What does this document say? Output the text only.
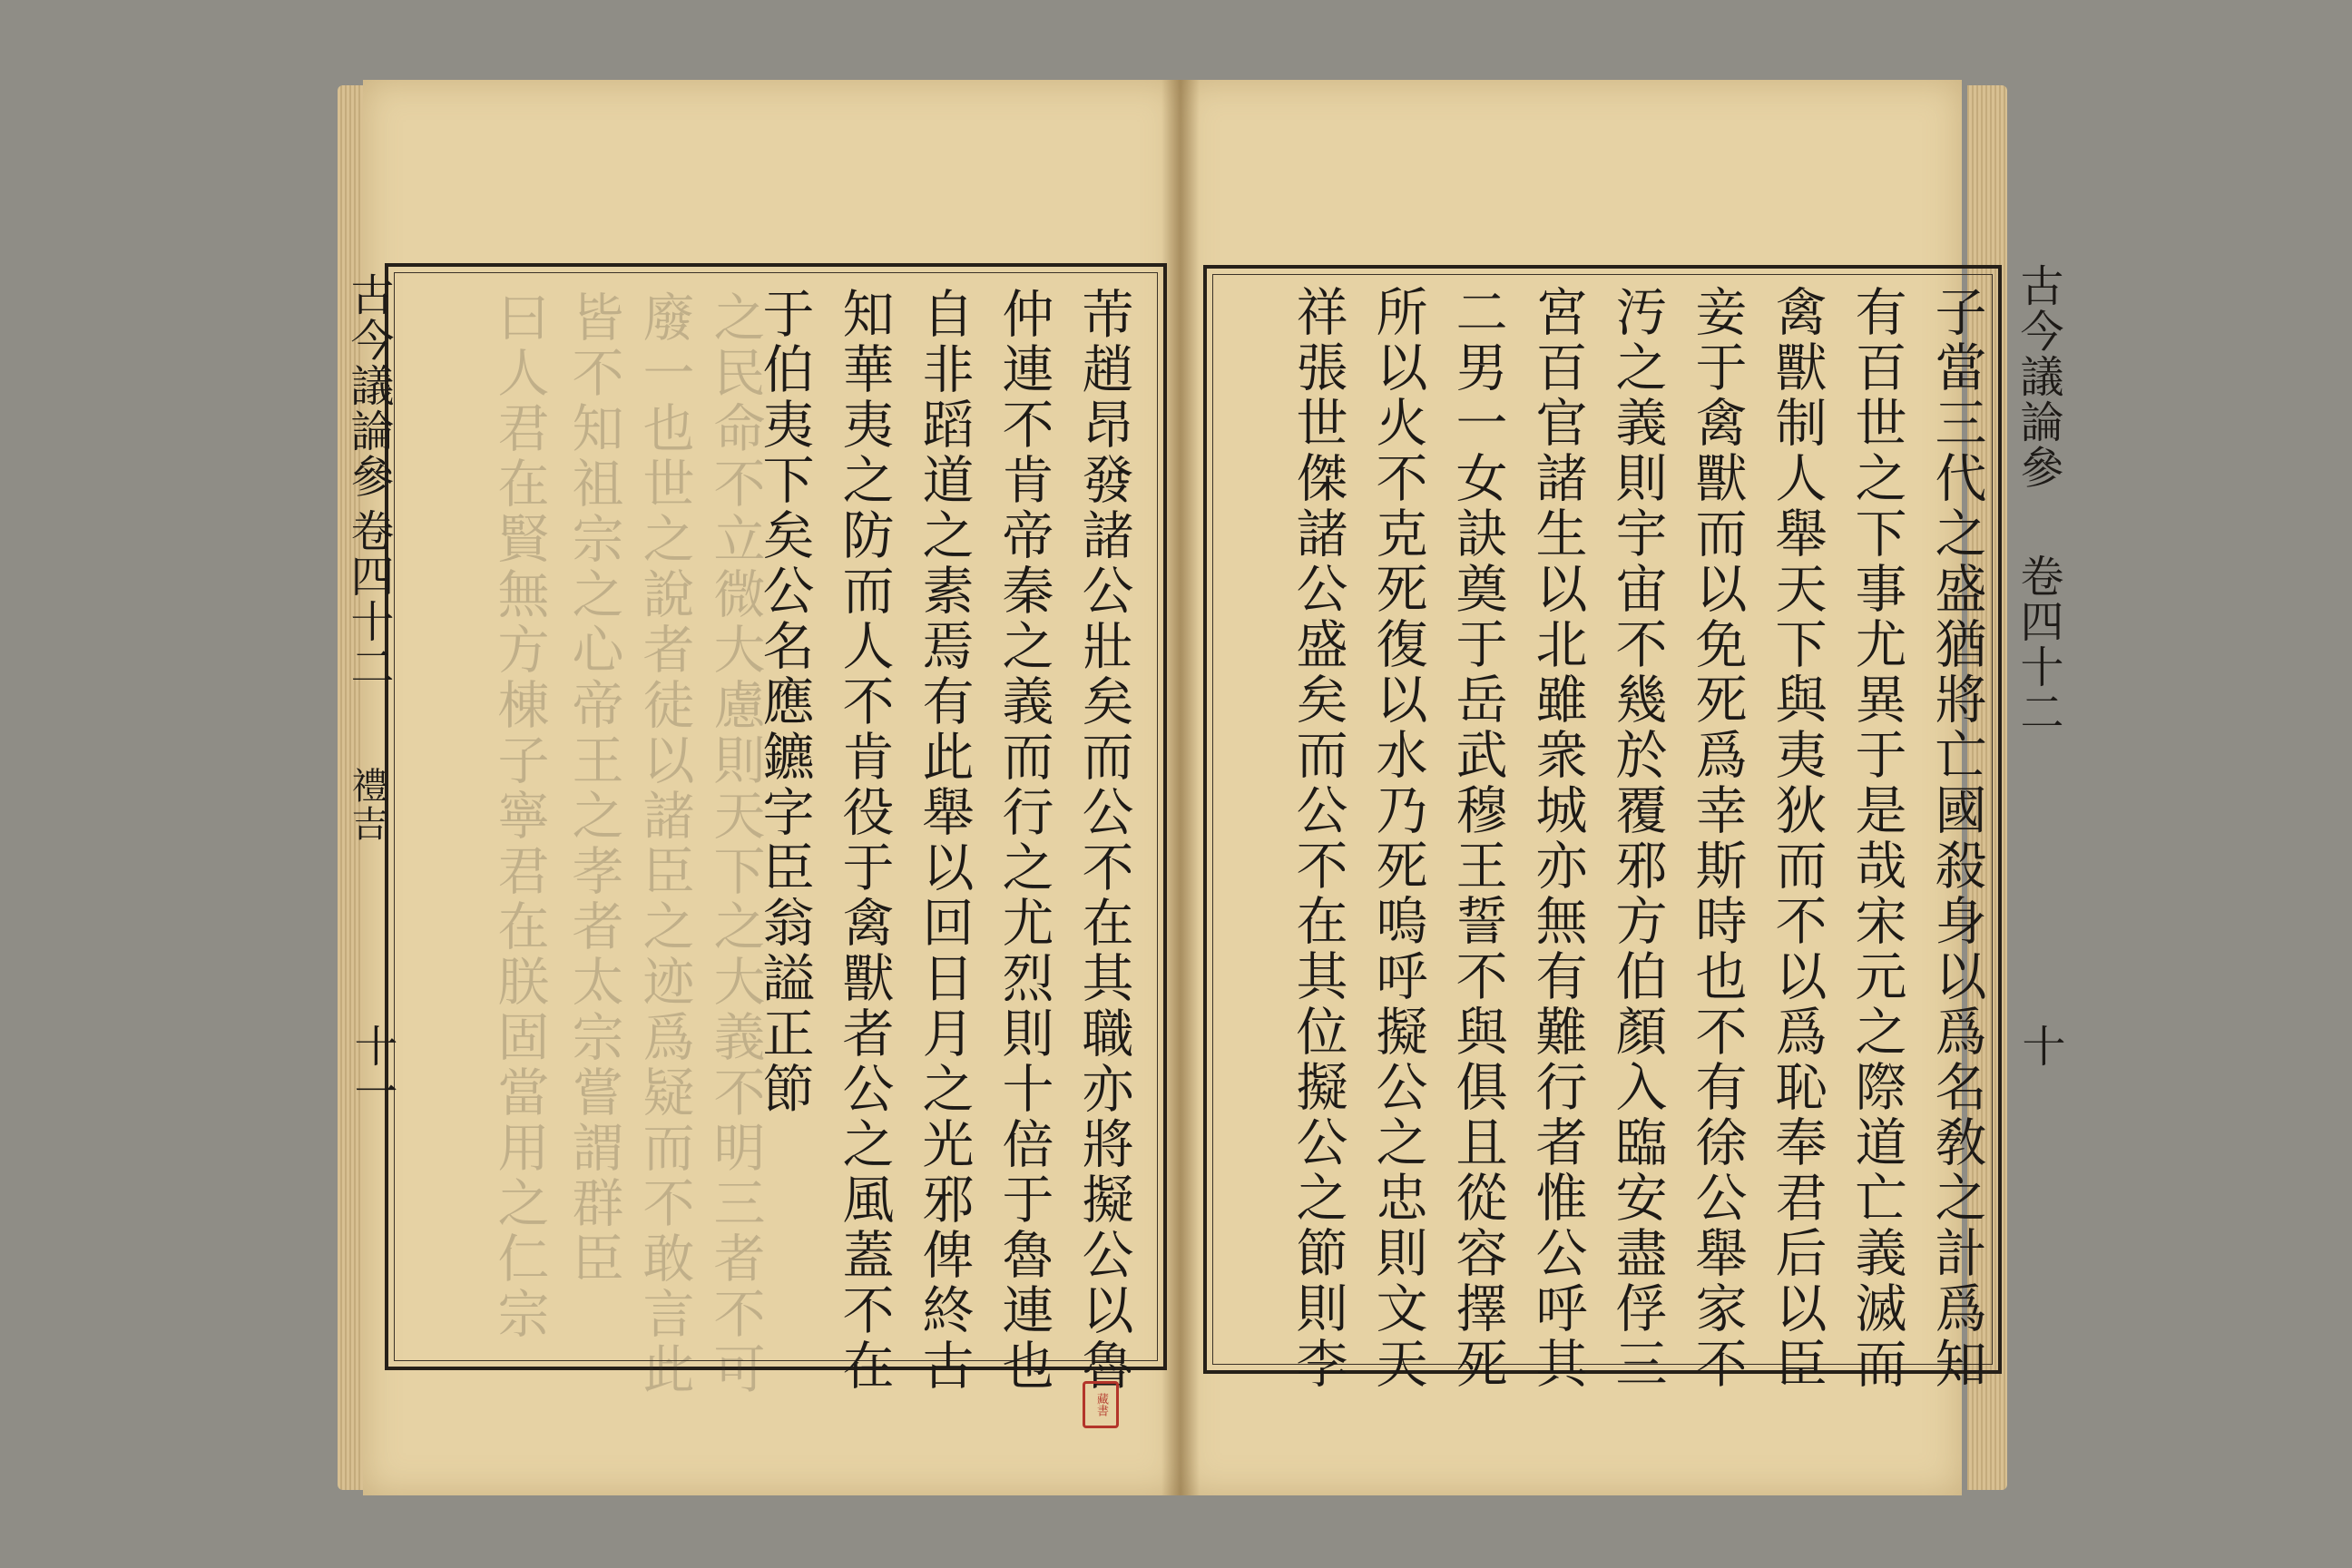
古今議論參
卷四十二
禮吉
十一 曰人君在賢無方棟子寧君在朕固當用之仁宗 皆不知祖宗之心帝王之孝者太宗嘗謂群臣 廢一也世之說者徒以諸臣之迹爲疑而不敢言此 之民命不立微大慮則天下之大義不明三者不可	芾趙昂發諸公壯矣而公不在其職亦將擬公以魯
仲連不肯帝秦之義而行之尤烈則十倍于魯連也
自非蹈道之素焉有此舉以回日月之光邪俾終古
知華夷之防而人不肯役于禽獸者公之風蓋不在
于伯夷下矣公名應鑣字臣翁謚正節
藏書
古今議論參
卷四十二
十
子當三代之盛猶將亡國殺身以爲名敎之計爲知
有百世之下事尤異于是哉宋元之際道亡義滅而
禽獸制人舉天下與夷狄而不以爲恥奉君后以臣
妾于禽獸而以免死爲幸斯時也不有徐公舉家不
汚之義則宇宙不幾於覆邪方伯顏入臨安盡俘三
宮百官諸生以北雖衆城亦無有難行者惟公呼其
二男一女訣奠于岳武穆王誓不與俱且從容擇死
所以火不克死復以水乃死嗚呼擬公之忠則文天
祥張世傑諸公盛矣而公不在其位擬公之節則李
